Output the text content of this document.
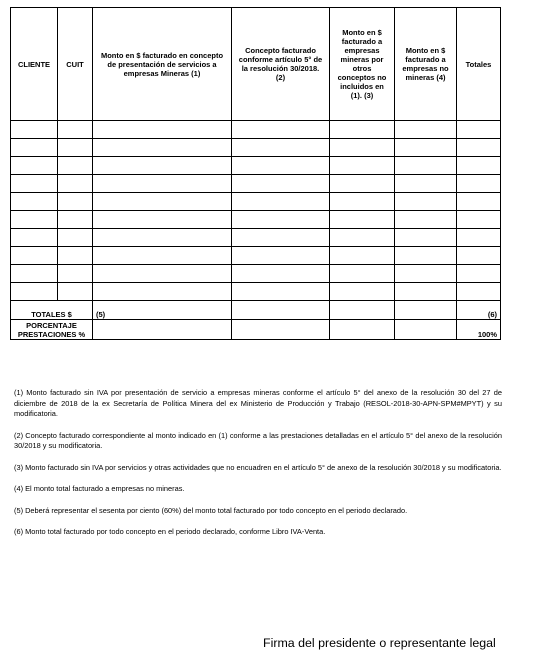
CLIENTE	CUIT	Monto en $ facturado en concepto de presentación de servicios a empresas Mineras (1)	Concepto facturado conforme artículo 5° de la resolución 30/2018. (2)	Monto en $ facturado a empresas mineras por otros conceptos no incluidos en (1). (3)	Monto en $ facturado a empresas no mineras (4)	Totales

TOTALES $		(5)				(6)
PORCENTAJE PRESTACIONES %						100%

(1) Monto facturado sin IVA por presentación de servicio a empresas mineras conforme el artículo 5° del anexo de la resolución 30 del 27 de diciembre de 2018 de la ex Secretaría de Política Minera del ex Ministerio de Producción y Trabajo (RESOL-2018-30-APN-SPM#MPYT) y su modificatoria.

(2) Concepto facturado correspondiente al monto indicado en (1) conforme a las prestaciones detalladas en el artículo 5° del anexo de la resolución 30/2018 y su modificatoria.

(3) Monto facturado sin IVA por servicios y otras actividades que no encuadren en el artículo 5° de anexo de la resolución 30/2018 y su modificatoria.

(4) El monto total facturado a empresas no mineras.

(5) Deberá representar el sesenta por ciento (60%) del monto total facturado por todo concepto en el periodo declarado.

(6) Monto total facturado por todo concepto en el periodo declarado, conforme Libro IVA-Venta.

Firma del presidente o representante legal
